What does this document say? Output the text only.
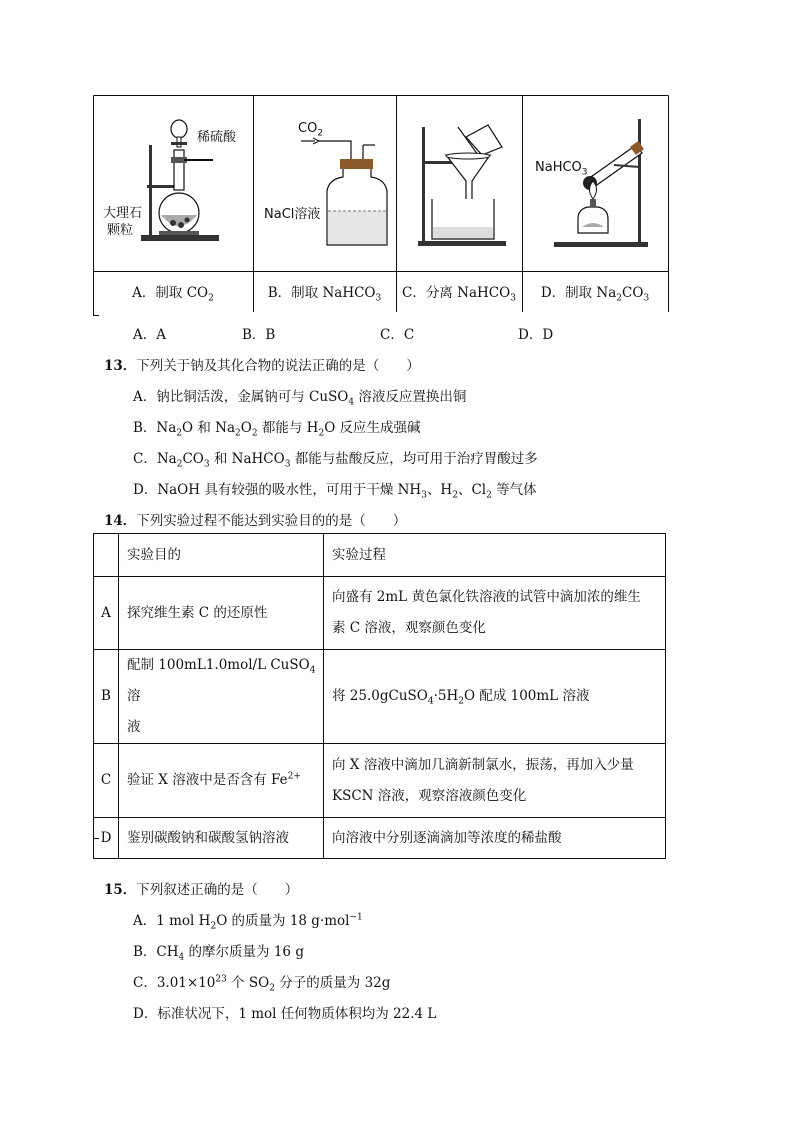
稀硫酸
大理石
颗粒
$CO_2$
NaCl溶液
NaHCO$_3$
A．制取 $CO_2$	B．制取 NaHCO$_3$	C．分离 NaHCO$_3$	D．制取 $Na_2CO_3$
A．A	B．B	C．C	D．D
13．下列关于钠及其化合物的说法正确的是（　　）
A．钠比铜活泼，金属钠可与 CuSO$_4$ 溶液反应置换出铜
B．$Na_2O$ 和 $Na_2O_2$ 都能与 $H_2O$ 反应生成强碱
C．$Na_2CO_3$ 和 NaHCO$_3$ 都能与盐酸反应，均可用于治疗胃酸过多
D．NaOH 具有较强的吸水性，可用于干燥 $NH_3$、$H_2$、$Cl_2$ 等气体
14．下列实验过程不能达到实验目的的是（　　）
	实验目的	实验过程
A	探究维生素 C 的还原性	向盛有 2mL 黄色氯化铁溶液的试管中滴加浓的维生
素 C 溶液，观察颜色变化
B	配制 100mL1.0mol/L CuSO$_4$ 溶
液	将 $25.0gCuSO_4\cdot 5H_2O$ 配成 100mL 溶液
C	验证 X 溶液中是否含有 $Fe^{2+}$	向 X 溶液中滴加几滴新制氯水，振荡，再加入少量
KSCN 溶液，观察溶液颜色变化
D	鉴别碳酸钠和碳酸氢钠溶液	向溶液中分别逐滴滴加等浓度的稀盐酸
15．下列叙述正确的是（　　）
A．1 mol $H_2O$ 的质量为 18 g·mol$^{-1}$
B．$CH_4$ 的摩尔质量为 16 g
C．$3.01\times 10^{23}$ 个 $SO_2$ 分子的质量为 32g
D．标准状况下，1 mol 任何物质体积均为 22.4 L
